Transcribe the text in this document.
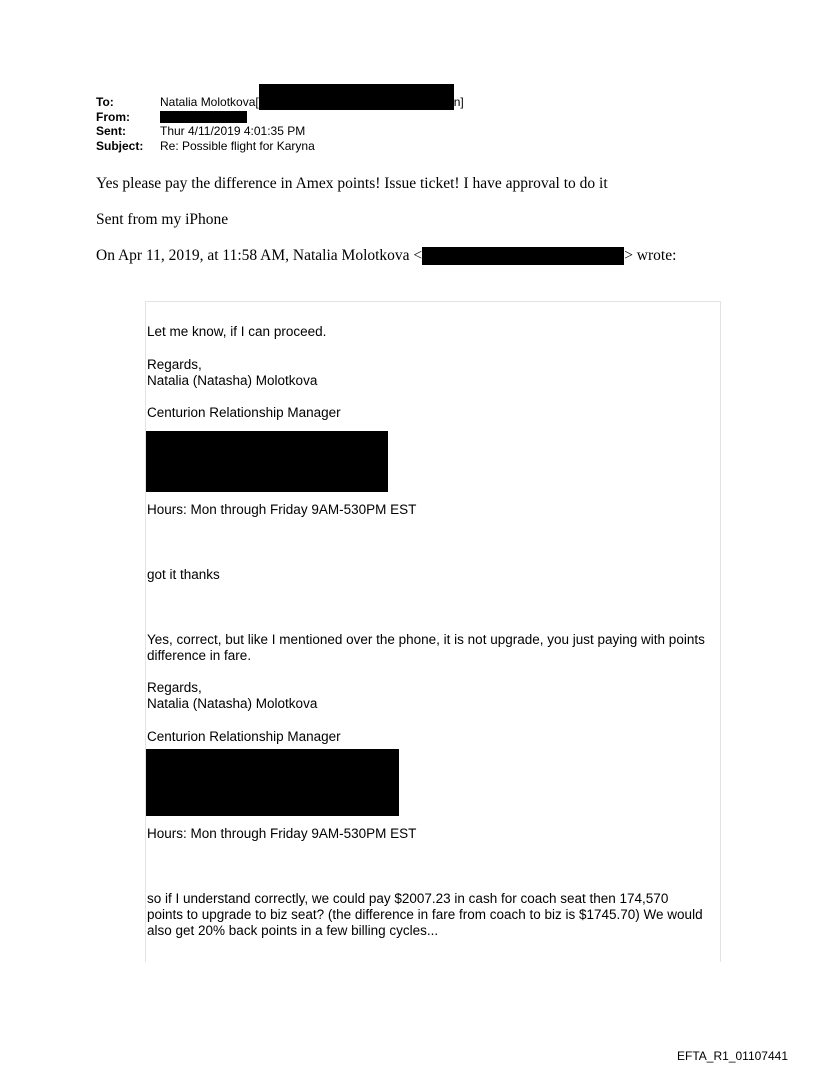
To:	Natalia Molotkova[	n]
From:
Sent:	Thur 4/11/2019 4:01:35 PM
Subject: Re: Possible flight for Karyna
Yes please pay the difference in Amex points! Issue ticket! I have approval to do it
Sent from my iPhone
On Apr 11, 2019, at 11:58 AM, Natalia Molotkova <	> wrote:
Let me know, if I can proceed.
Regards,
Natalia (Natasha) Molotkova
Centurion Relationship Manager
Hours: Mon through Friday 9AM-530PM EST
got it thanks
Yes, correct, but like I mentioned over the phone, it is not upgrade, you just paying with points difference in fare.
Regards,
Natalia (Natasha) Molotkova
Centurion Relationship Manager
Hours: Mon through Friday 9AM-530PM EST
so if I understand correctly, we could pay $2007.23 in cash for coach seat then 174,570 points to upgrade to biz seat? (the difference in fare from coach to biz is $1745.70) We would also get 20% back points in a few billing cycles...
EFTA_R1_01107441
